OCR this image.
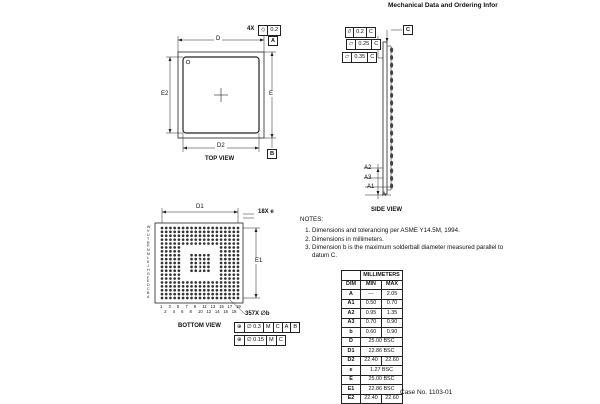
Mechanical Data and Ordering Infor
D
D2
E2	E
TOP VIEW
4X	◇ 0.2
A
B
C
// 0.2 C
▱ 0.25 C
▱ 0.35 C
A2
A3
A1
A
SIDE VIEW
D1
E1
18X e
357X ∅b
BOTTOM VIEW	⊕ ∅ 0.3 M C A B
⊕ ∅ 0.15 M C
W
V
U
T
R
P
N
M
L
K
J
H
G
F
E
D
C
B
A
1
2
3
4
5
6
7
8
9
10
11
12
13
14
15
16
17
18
19
NOTES:
1. Dimensions and tolerancing per ASME Y14.5M, 1994.
2. Dimensions in millimeters.
3. Dimension b is the maximum solderball diameter measured parallel to datum C.
	MILLIMETERS	
DIM	MIN	MAX
A	---	2.05
A1	0.50	0.70
A2	0.95	1.35
A3	0.70	0.90
b	0.60	0.90
D	25.00 BSC	
D1	22.86 BSC	
D2	22.40	22.60
e	1.27 BSC	
E	25.00 BSC	
E1	22.86 BSC	
E2	22.40	22.60
Case No. 1103-01
